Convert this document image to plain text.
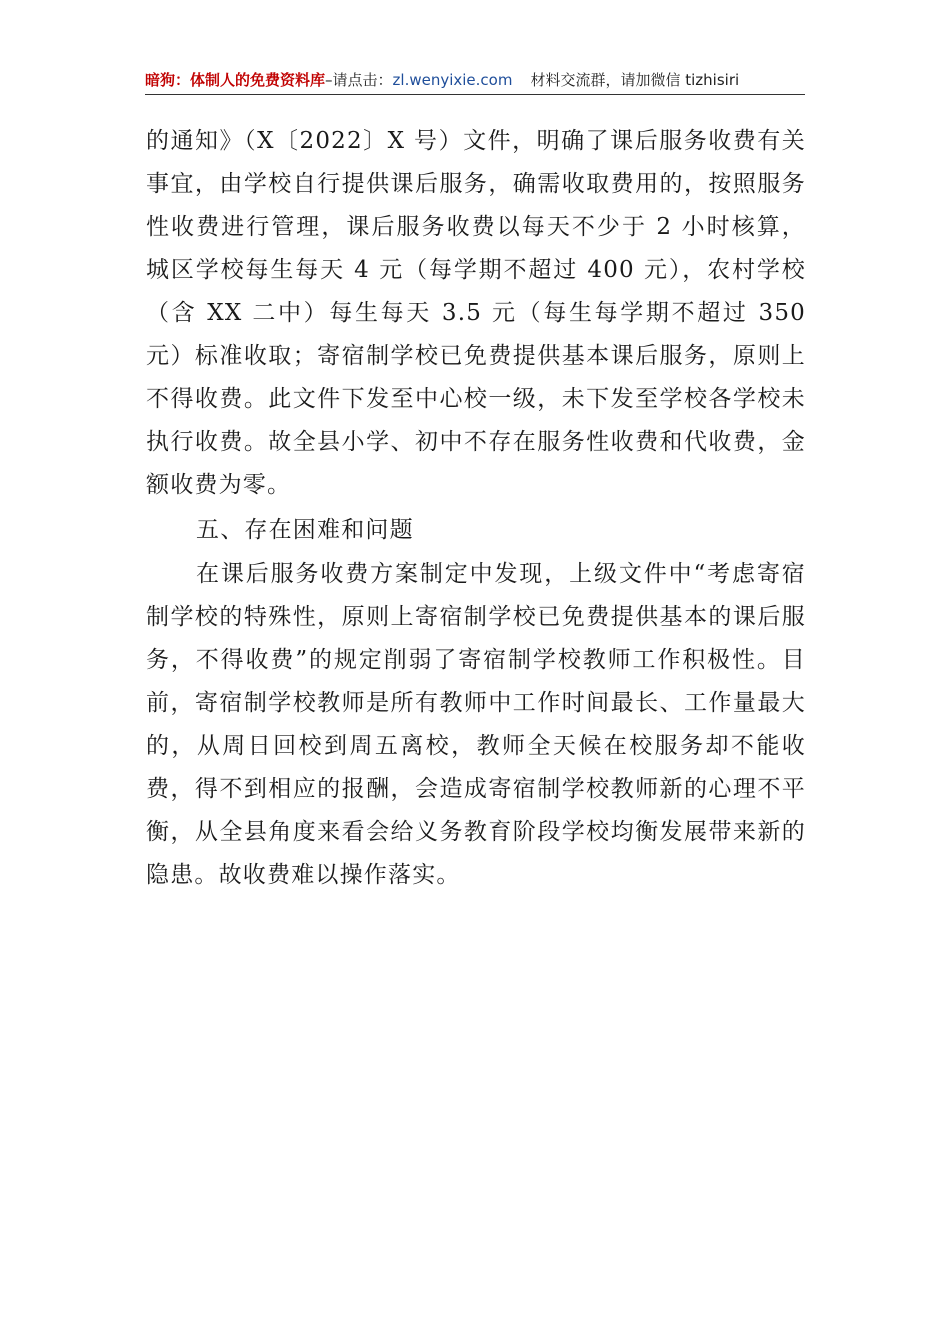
暗狗：体制人的免费资料库–请点击：zl.wenyixie.com 材料交流群，请加微信 tizhisiri

的通知》（X〔2022〕X 号）文件，明确了课后服务收费有关事宜，由学校自行提供课后服务，确需收取费用的，按照服务性收费进行管理，课后服务收费以每天不少于 2 小时核算，城区学校每生每天 4 元（每学期不超过 400 元），农村学校（含 XX 二中）每生每天 3.5 元（每生每学期不超过 350 元）标准收取；寄宿制学校已免费提供基本课后服务，原则上不得收费。此文件下发至中心校一级，未下发至学校各学校未执行收费。故全县小学、初中不存在服务性收费和代收费，金额收费为零。

五、存在困难和问题

在课后服务收费方案制定中发现，上级文件中“考虑寄宿制学校的特殊性，原则上寄宿制学校已免费提供基本的课后服务，不得收费”的规定削弱了寄宿制学校教师工作积极性。目前，寄宿制学校教师是所有教师中工作时间最长、工作量最大的，从周日回校到周五离校，教师全天候在校服务却不能收费，得不到相应的报酬，会造成寄宿制学校教师新的心理不平衡，从全县角度来看会给义务教育阶段学校均衡发展带来新的隐患。故收费难以操作落实。
